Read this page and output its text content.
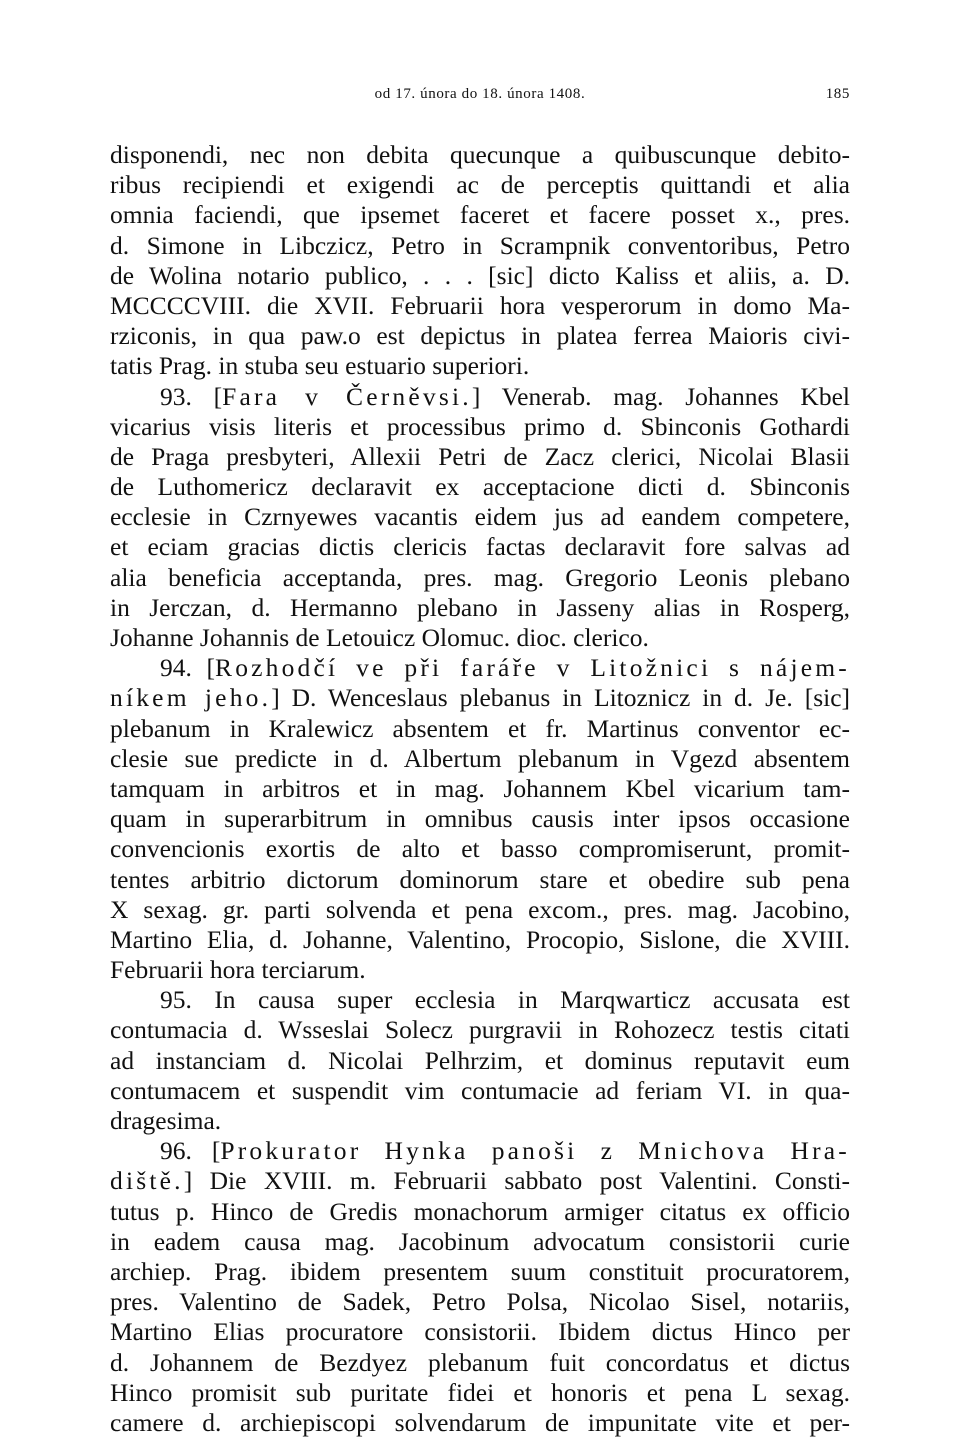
od 17. února do 18. února 1408.	185
disponendi, nec non debita quecunque a quibuscunque debito-
ribus recipiendi et exigendi ac de perceptis quittandi et alia
omnia faciendi, que ipsemet faceret et facere posset x., pres.
d. Simone in Libczicz, Petro in Scrampnik conventoribus, Petro
de Wolina notario publico, . . . [sic] dicto Kaliss et aliis, a. D.
MCCCCVIII. die XVII. Februarii hora vesperorum in domo Ma-
rziconis, in qua paw.o est depictus in platea ferrea Maioris civi-
tatis Prag. in stuba seu estuario superiori.
93. [Fara v Černěvsi.] Venerab. mag. Johannes Kbel
vicarius visis literis et processibus primo d. Sbinconis Gothardi
de Praga presbyteri, Allexii Petri de Zacz clerici, Nicolai Blasii
de Luthomericz declaravit ex acceptacione dicti d. Sbinconis
ecclesie in Czrnyewes vacantis eidem jus ad eandem competere,
et eciam gracias dictis clericis factas declaravit fore salvas ad
alia beneficia acceptanda, pres. mag. Gregorio Leonis plebano
in Jerczan, d. Hermanno plebano in Jasseny alias in Rosperg,
Johanne Johannis de Letouicz Olomuc. dioc. clerico.
94. [Rozhodčí ve při faráře v Litožnici s nájem-
níkem jeho.] D. Wenceslaus plebanus in Litoznicz in d. Je. [sic]
plebanum in Kralewicz absentem et fr. Martinus conventor ec-
clesie sue predicte in d. Albertum plebanum in Vgezd absentem
tamquam in arbitros et in mag. Johannem Kbel vicarium tam-
quam in superarbitrum in omnibus causis inter ipsos occasione
convencionis exortis de alto et basso compromiserunt, promit-
tentes arbitrio dictorum dominorum stare et obedire sub pena
X sexag. gr. parti solvenda et pena excom., pres. mag. Jacobino,
Martino Elia, d. Johanne, Valentino, Procopio, Sislone, die XVIII.
Februarii hora terciarum.
95. In causa super ecclesia in Marqwarticz accusata est
contumacia d. Wsseslai Solecz purgravii in Rohozecz testis citati
ad instanciam d. Nicolai Pelhrzim, et dominus reputavit eum
contumacem et suspendit vim contumacie ad feriam VI. in qua-
dragesima.
96. [Prokurator Hynka panoši z Mnichova Hra-
diště.] Die XVIII. m. Februarii sabbato post Valentini. Consti-
tutus p. Hinco de Gredis monachorum armiger citatus ex officio
in eadem causa mag. Jacobinum advocatum consistorii curie
archiep. Prag. ibidem presentem suum constituit procuratorem,
pres. Valentino de Sadek, Petro Polsa, Nicolao Sisel, notariis,
Martino Elias procuratore consistorii. Ibidem dictus Hinco per
d. Johannem de Bezdyez plebanum fuit concordatus et dictus
Hinco promisit sub puritate fidei et honoris et pena L sexag.
camere d. archiepiscopi solvendarum de impunitate vite et per-
